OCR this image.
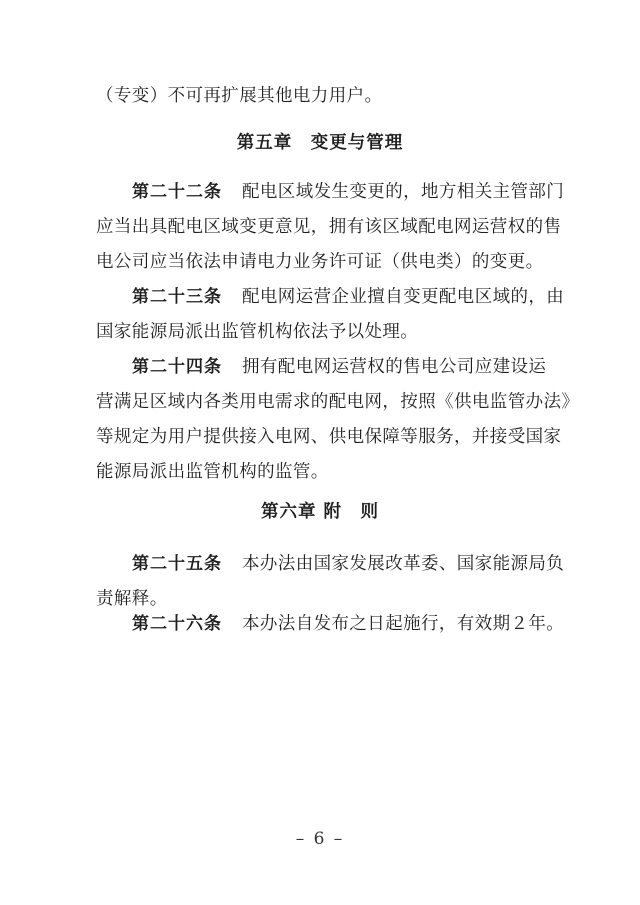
（专变）不可再扩展其他电力用户。
第五章　变更与管理
第二十二条 配电区域发生变更的，地方相关主管部门
应当出具配电区域变更意见，拥有该区域配电网运营权的售
电公司应当依法申请电力业务许可证（供电类）的变更。
第二十三条 配电网运营企业擅自变更配电区域的，由
国家能源局派出监管机构依法予以处理。
第二十四条 拥有配电网运营权的售电公司应建设运
营满足区域内各类用电需求的配电网，按照《供电监管办法》
等规定为用户提供接入电网、供电保障等服务，并接受国家
能源局派出监管机构的监管。
第六章 附　则
第二十五条 本办法由国家发展改革委、国家能源局负
责解释。
第二十六条 本办法自发布之日起施行，有效期２年。
– 6 –
